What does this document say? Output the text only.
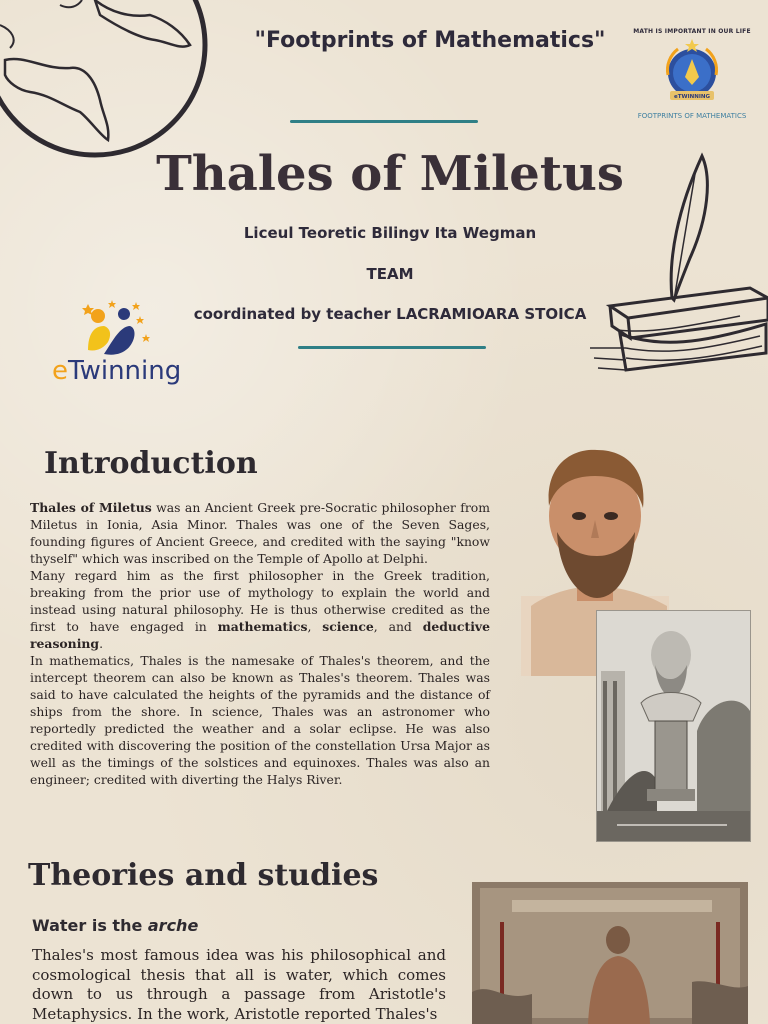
"Footprints of Mathematics"	MATH IS IMPORTANT IN OUR LIFE
eTWINNING
FOOTPRINTS OF MATHEMATICS
Thales of Miletus
Liceul Teoretic Bilingv Ita Wegman
TEAM
coordinated by teacher LACRAMIOARA STOICA
eTwinning
Introduction

Thales of Miletus was an Ancient Greek pre-Socratic philosopher from Miletus in Ionia, Asia Minor. Thales was one of the Seven Sages, founding figures of Ancient Greece, and credited with the saying "know thyself" which was inscribed on the Temple of Apollo at Delphi.

Many regard him as the first philosopher in the Greek tradition, breaking from the prior use of mythology to explain the world and instead using natural philosophy. He is thus otherwise credited as the first to have engaged in mathematics, science, and deductive reasoning.

In mathematics, Thales is the namesake of Thales's theorem, and the intercept theorem can also be known as Thales's theorem. Thales was said to have calculated the heights of the pyramids and the distance of ships from the shore. In science, Thales was an astronomer who reportedly predicted the weather and a solar eclipse. He was also credited with discovering the position of the constellation Ursa Major as well as the timings of the solstices and equinoxes. Thales was also an engineer; credited with diverting the Halys River.

Theories and studies
Water is the arche

Thales's most famous idea was his philosophical and cosmological thesis that all is water, which comes down to us through a passage from Aristotle's Metaphysics. In the work, Aristotle reported Thales's
